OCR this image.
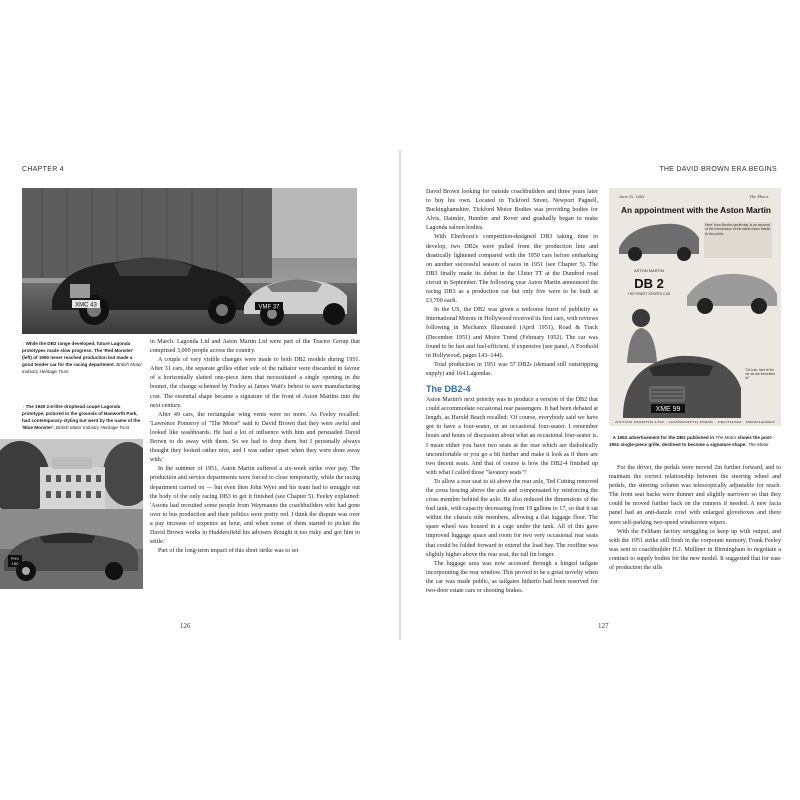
CHAPTER 4	THE DAVID BROWN ERA BEGINS
XMC 43	VMF 37
↑ While the DB2 range developed, future Lagonda prototypes made slow progress. The 'Red Monster' (left) of 1950 never reached production but made a good tender car for the racing department. British Motor Industry Heritage Trust
↓ The 1949 2.6-litre drophead coupé Lagonda prototype, pictured in the grounds of Hanworth Park, had contemporary styling but went by the name of the 'Blue Monster'. British Motor Industry Heritage Trust
PHV
180

in March. Lagonda Ltd and Aston Martin Ltd were part of the Tractor Group that comprised 3,000 people across the country.

A couple of very visible changes were made to both DB2 models during 1951. After 31 cars, the separate grilles either side of the radiator were discarded in favour of a horizontally slatted one-piece item that necessitated a single opening in the bonnet, the change schemed by Feeley at James Watt's behest to save manufacturing cost. The essential shape became a signature of the front of Aston Martins into the next century.

After 49 cars, the rectangular wing vents were no more. As Feeley recalled: 'Lawrence Pomeroy of "The Motor" said to David Brown that they were awful and looked like washboards. He had a lot of influence with him and persuaded David Brown to do away with them. So we had to drop them but I personally always thought they looked rather nice, and I was rather upset when they were done away with.'

In the summer of 1951, Aston Martin suffered a six-week strike over pay. The production and service departments were forced to close temporarily, while the racing department carried on — but even then John Wyer and his team had to smuggle out the body of the only racing DB3 to get it finished (see Chapter 5). Feeley explained: 'Astons had recruited some people from Weymanns the coachbuilders who had gone over to bus production and their politics were pretty red. I think the dispute was over a pay increase of sixpence an hour, and when some of them started to picket the David Brown works in Huddersfield his advisers thought it too risky and got him to settle.'

Part of the long-term impact of this short strike was to set

126

David Brown looking for outside coachbuilders and three years later to buy his own. Located in Tickford Street, Newport Pagnell, Buckinghamshire, Tickford Motor Bodies was providing bodies for Alvis, Daimler, Humber and Rover and gradually began to make Lagonda saloon bodies.

With Eberhorst's competition-designed DB3 taking time to develop, two DB2s were pulled from the production line and drastically lightened compared with the 1950 cars before embarking on another successful season of races in 1951 (see Chapter 5). The DB3 finally made its debut in the Ulster TT at the Dundrod road circuit in September. The following year Aston Martin announced the racing DB3 as a production car but only five were to be built at £3,700 each.

In the US, the DB2 was given a welcome burst of publicity as International Motors in Hollywood received its first cars, with reviews following in Mechanix Illustrated (April 1951), Road & Track (December 1951) and Motor Trend (February 1952). The car was found to be fast and fuel-efficient, if expensive (see panel, A Foothold in Hollywood, pages 143–144).

Total production in 1951 was 57 DB2s (demand still outstripping supply) and 164 Lagondas.

The DB2-4

Aston Martin's next priority was to produce a version of the DB2 that could accommodate occasional rear passengers. It had been debated at length, as Harold Beach recalled: 'Of course, everybody said we have got to have a four-seater, or an occasional four-seater. I remember hours and hours of discussion about what an occasional four-seater is. I mean either you have two seats at the rear which are diabolically uncomfortable or you go a bit further and make it look as if there are two decent seats. And that of course is how the DB2-4 finished up with what I called those "lavatory seats"!'

To allow a rear seat to sit above the rear axle, Ted Cutting removed the cross bracing above the axle and compensated by reinforcing the cross member behind the axle. He also reduced the dimensions of the fuel tank, with capacity decreasing from 19 gallons to 17, so that it sat within the chassis side members, allowing a flat luggage floor. The spare wheel was housed in a cage under the tank. All of this gave improved luggage space and room for two very occasional rear seats that could be folded forward to extend the load bay. The roofline was slightly higher above the rear seat, the tail fin longer.

The luggage area was now accessed through a hinged tailgate incorporating the rear window. This proved to be a great novelty when the car was made public, as tailgates hitherto had been reserved for two-door estate cars or shooting brakes.

June 20, 1953	The Motor
An appointment with the Aston Martin
Here, from Buxton yesterday, is an account of the introduction of the latest Aston Martin to the public.
ASTON MARTIN
DB 2
THE FINEST SPORTS CAR
XME 99
"Oh look, here is the car we are interested in!"
ASTON MARTIN LTD · HANWORTH PARK · FELTHAM · MIDDLESEX
↑ A 1953 advertisement for the DB2 published in The Motor shows the post-1951 single-piece grille, destined to become a signature shape. The Motor

For the driver, the pedals were moved 2in further forward, and to maintain the correct relationship between the steering wheel and pedals, the steering column was telescopically adjustable for reach. The front seat backs were thinner and slightly narrower so that they could be moved further back on the runners if needed. A new facia panel had an anti-dazzle cowl with enlarged gloveboxes and there were self-parking two-speed windscreen wipers.

With the Feltham factory struggling to keep up with output, and with the 1951 strike still fresh in the corporate memory, Frank Feeley was sent to coachbuilder H.J. Mulliner in Birmingham to negotiate a contract to supply bodies for the new model. It suggested that for ease of production the sills

127
